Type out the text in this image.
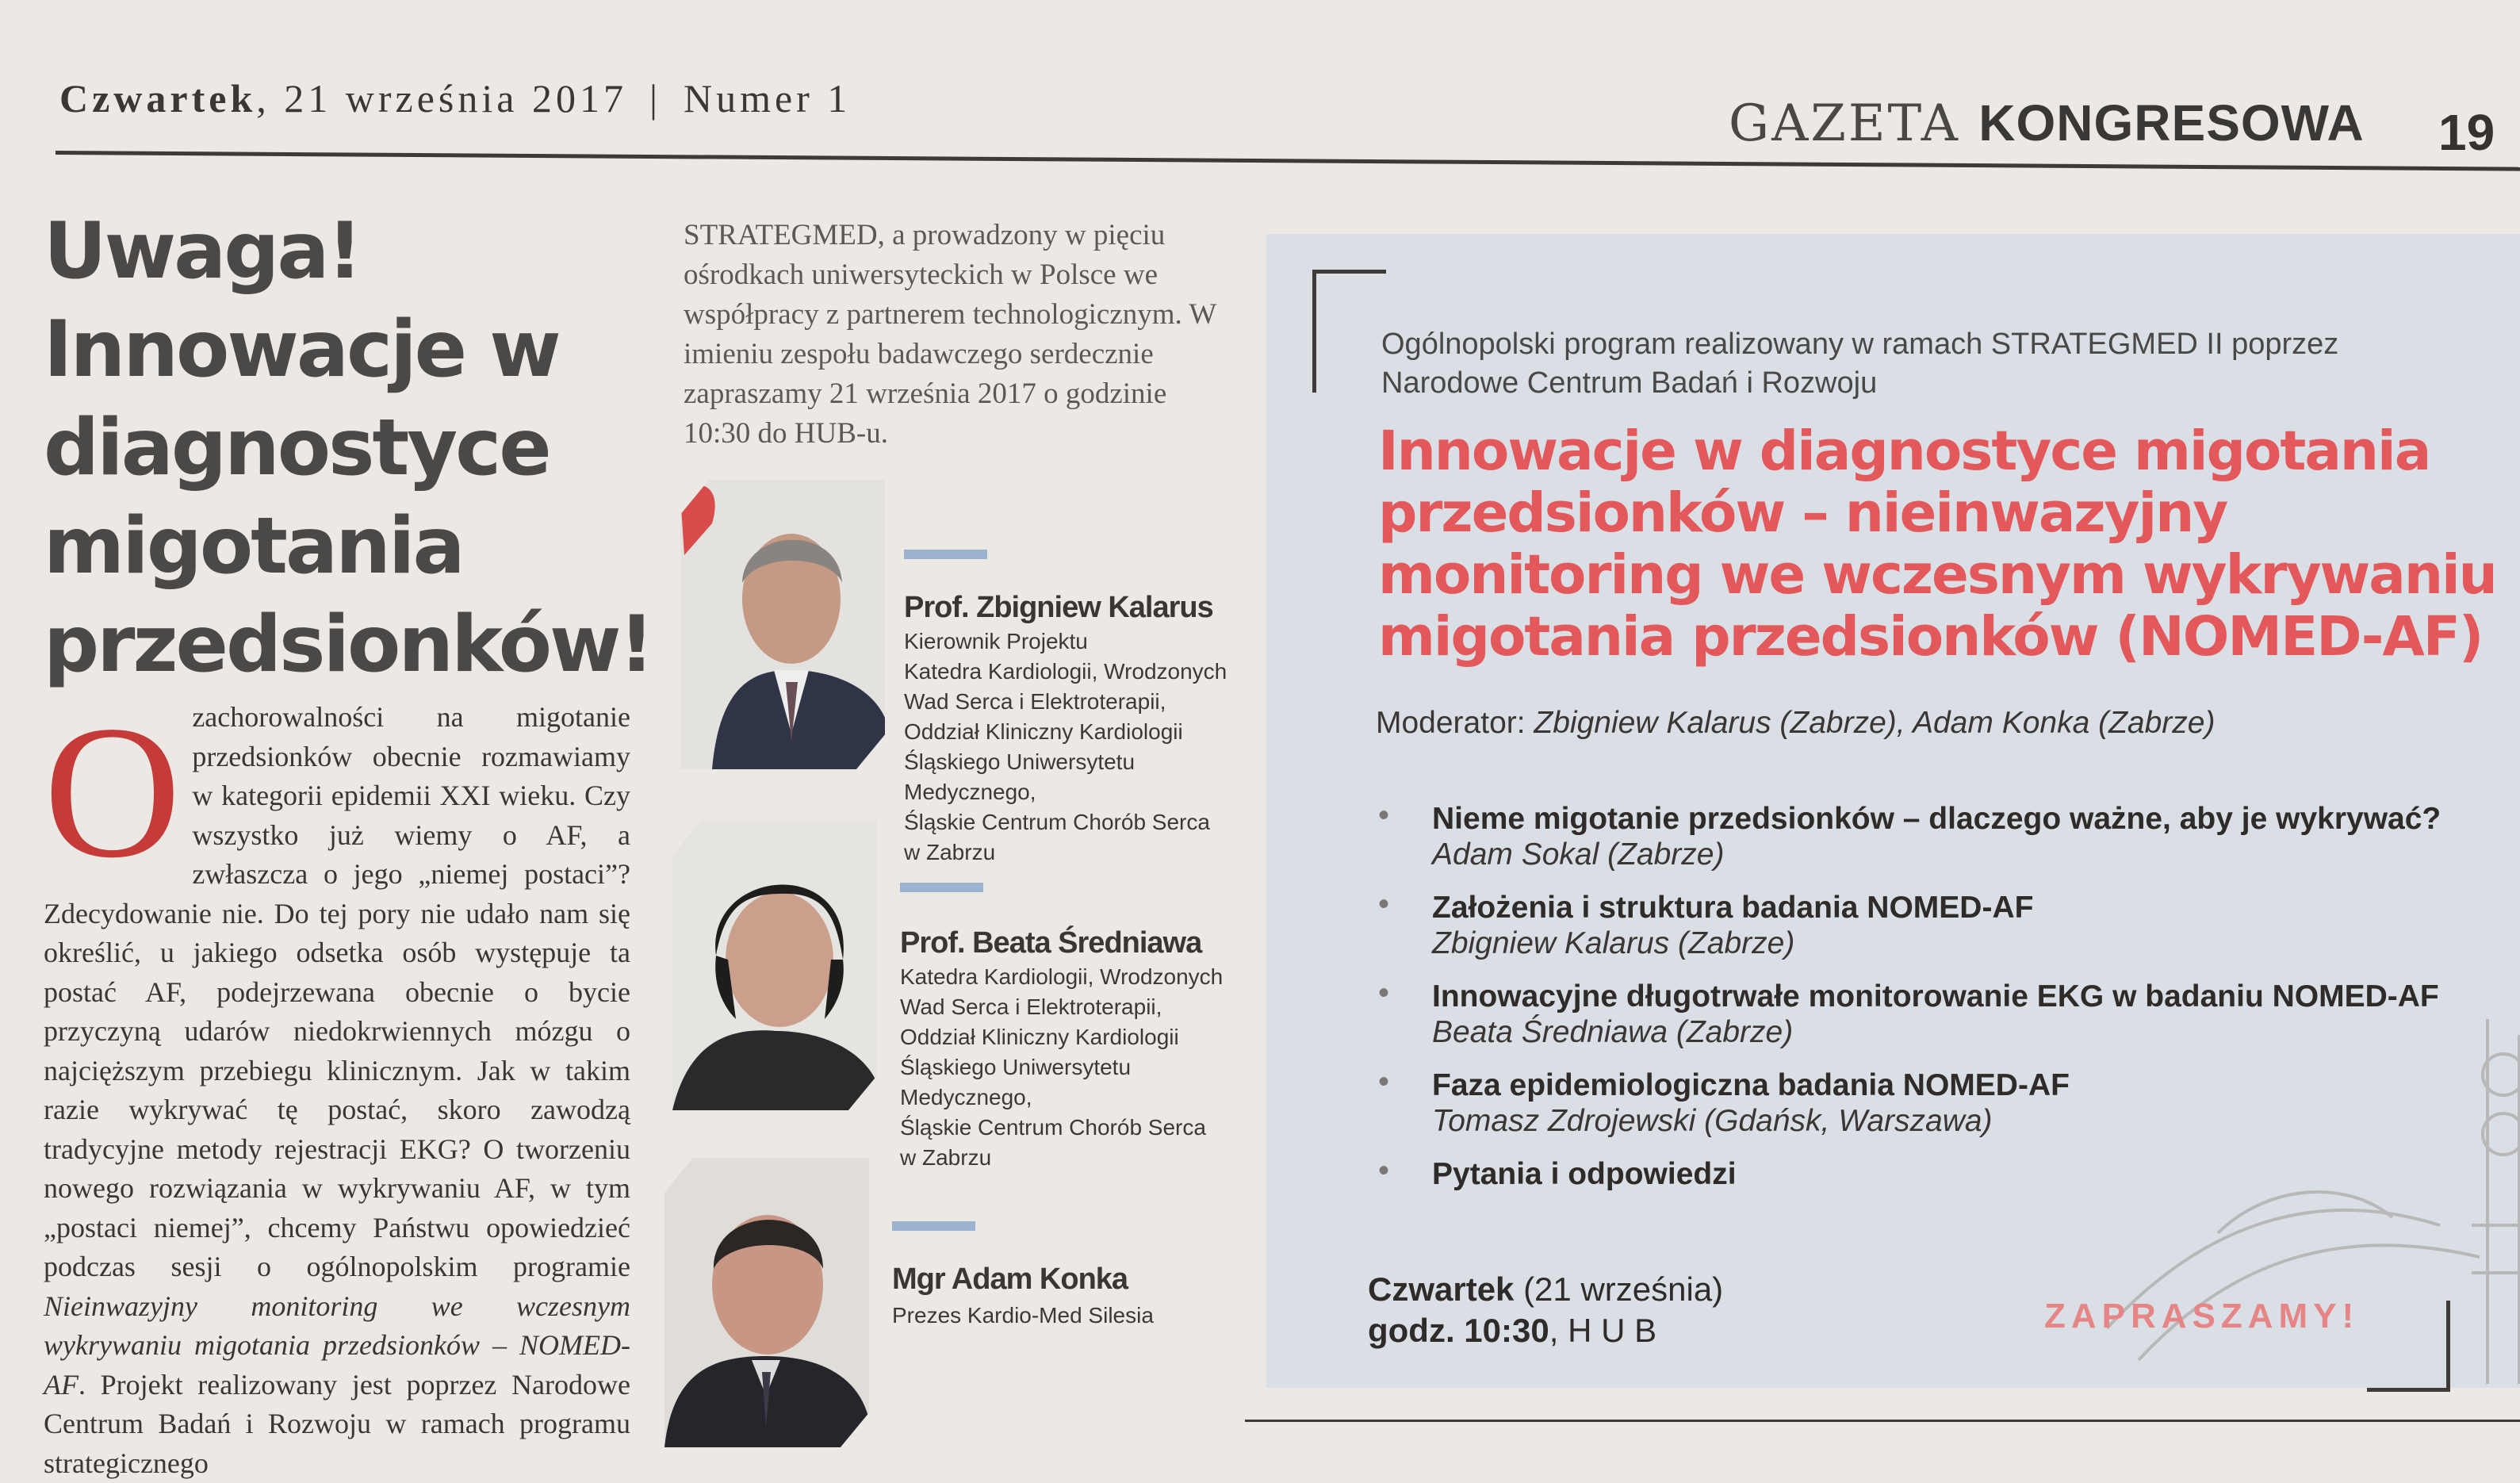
Czwartek, 21 września 2017 | Numer 1	GAZETA KONGRESOWA 19
Uwaga! Innowacje w diagnostyce migotania przedsionków!
Ozachorowalności na migotanie przedsionków obecnie rozmawiamy w kategorii epidemii XXI wieku. Czy wszystko już wiemy o AF, a zwłaszcza o jego „niemej postaci”? Zdecydowanie nie. Do tej pory nie udało nam się określić, u jakiego odsetka osób występuje ta postać AF, podejrzewana obecnie o bycie przyczyną udarów niedokrwiennych mózgu o najcięższym przebiegu klinicznym. Jak w takim razie wykrywać tę postać, skoro zawodzą tradycyjne metody rejestracji EKG? O tworzeniu nowego rozwiązania w wykrywaniu AF, w tym „postaci niemej”, chcemy Państwu opowiedzieć podczas sesji o ogólnopolskim programie Nieinwazyjny monitoring we wczesnym wykrywaniu migotania przedsionków – NOMED-AF. Projekt realizowany jest poprzez Narodowe Centrum Badań i Rozwoju w ramach programu strategicznego
STRATEGMED, a prowadzony w pięciu ośrodkach uniwersyteckich w Polsce we współpracy z partnerem technologicznym. W imieniu zespołu badawczego serdecznie zapraszamy 21 września 2017 o godzinie 10:30 do HUB-u.
Prof. Zbigniew Kalarus
Kierownik Projektu
Katedra Kardiologii, Wrodzonych
Wad Serca i Elektroterapii,
Oddział Kliniczny Kardiologii
Śląskiego Uniwersytetu Medycznego,
Śląskie Centrum Chorób Serca
w Zabrzu
Prof. Beata Średniawa
Katedra Kardiologii, Wrodzonych
Wad Serca i Elektroterapii,
Oddział Kliniczny Kardiologii
Śląskiego Uniwersytetu Medycznego,
Śląskie Centrum Chorób Serca
w Zabrzu
Mgr Adam Konka
Prezes Kardio-Med Silesia
Ogólnopolski program realizowany w ramach STRATEGMED II poprzez Narodowe Centrum Badań i Rozwoju
Innowacje w diagnostyce migotania przedsionków – nieinwazyjny monitoring we wczesnym wykrywaniu migotania przedsionków (NOMED-AF)
Moderator: Zbigniew Kalarus (Zabrze), Adam Konka (Zabrze)
• Nieme migotanie przedsionków – dlaczego ważne, aby je wykrywać?
Adam Sokal (Zabrze)
• Założenia i struktura badania NOMED-AF
Zbigniew Kalarus (Zabrze)
• Innowacyjne długotrwałe monitorowanie EKG w badaniu NOMED-AF
Beata Średniawa (Zabrze)
• Faza epidemiologiczna badania NOMED-AF
Tomasz Zdrojewski (Gdańsk, Warszawa)
• Pytania i odpowiedzi
Czwartek (21 września)
godz. 10:30, H U B	ZAPRASZAMY!
